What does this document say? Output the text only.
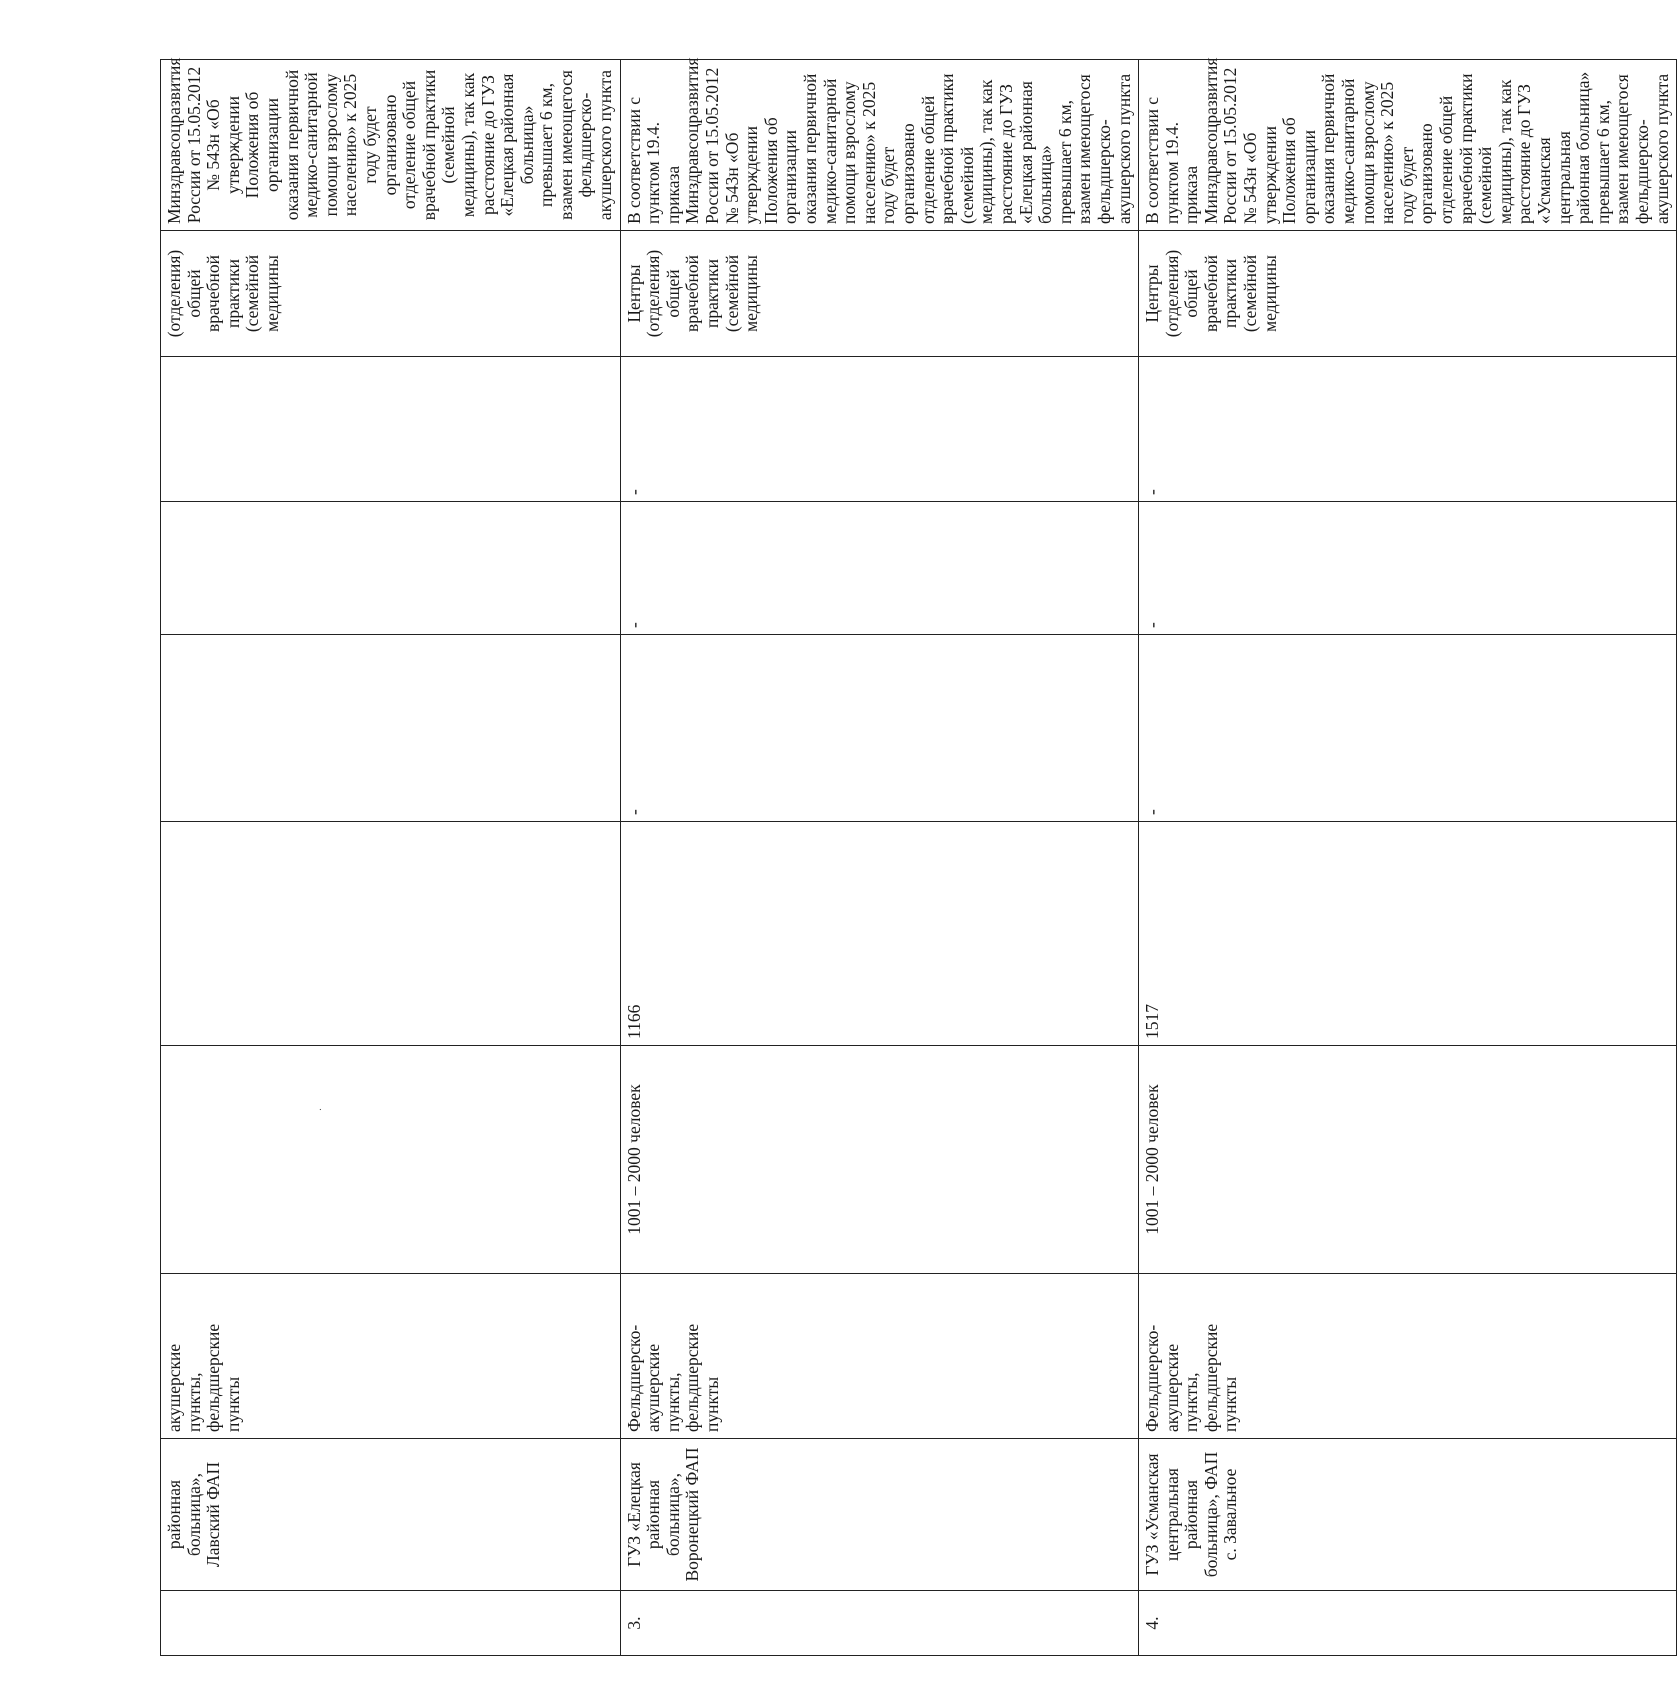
	районная больница», Лавский ФАП	акушерские пункты, фельдшерские пункты	.					(отделения) общей врачебной практики (семейной медицины	Минздравсоцразвития России от 15.05.2012 № 543н «Об утверждении Положения об организации оказания первичной медико-санитарной помощи взрослому населению» к 2025 году будет организовано отделение общей врачебной практики (семейной медицины), так как расстояние до ГУЗ «Елецкая районная больница» превышает 6 км, взамен имеющегося фельдшерско-акушерского пункта
3.	ГУЗ «Елецкая районная больница», Воронецкий ФАП	Фельдшерско-акушерские пункты, фельдшерские пункты	1001 – 2000 человек	1166	-	-	-	Центры (отделения) общей врачебной практики (семейной медицины	В соответствии с пунктом 19.4. приказа Минздравсоцразвития России от 15.05.2012 № 543н «Об утверждении Положения об организации оказания первичной медико-санитарной помощи взрослому населению» к 2025 году будет организовано отделение общей врачебной практики (семейной медицины), так как расстояние до ГУЗ «Елецкая районная больница» превышает 6 км, взамен имеющегося фельдшерско-акушерского пункта
4.	ГУЗ «Усманская центральная районная больница», ФАП с. Завальное	Фельдшерско-акушерские пункты, фельдшерские пункты	1001 – 2000 человек	1517	-	-	-	Центры (отделения) общей врачебной практики (семейной медицины	В соответствии с пунктом 19.4. приказа Минздравсоцразвития России от 15.05.2012 № 543н «Об утверждении Положения об организации оказания первичной медико-санитарной помощи взрослому населению» к 2025 году будет организовано отделение общей врачебной практики (семейной медицины), так как расстояние до ГУЗ «Усманская центральная районная больница» превышает 6 км, взамен имеющегося фельдшерско-акушерского пункта
